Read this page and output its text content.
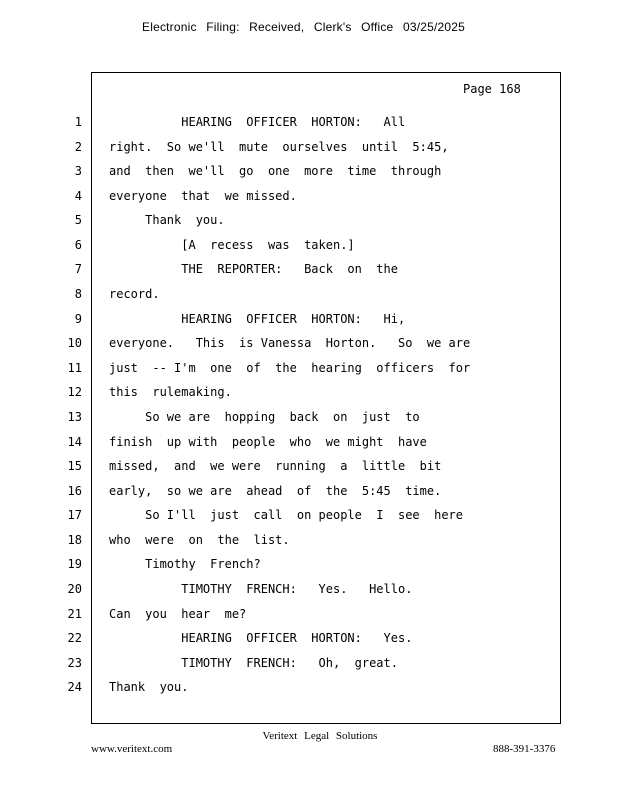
Electronic Filing: Received, Clerk's Office 03/25/2025
Page 168
1 HEARING  OFFICER  HORTON:   All
2 right.  So we'll  mute  ourselves  until  5:45,
3 and  then  we'll  go  one  more  time  through
4 everyone  that  we missed.
5 Thank  you.
6 [A  recess  was  taken.]
7 THE  REPORTER:   Back  on  the
8 record.
9 HEARING  OFFICER  HORTON:   Hi,
10 everyone.   This  is Vanessa  Horton.   So  we are
11 just  -- I'm  one  of  the  hearing  officers  for
12 this  rulemaking.
13 So we are  hopping  back  on  just  to
14 finish  up with  people  who  we might  have
15 missed,  and  we were  running  a  little  bit
16 early,  so we are  ahead  of  the  5:45  time.
17 So I'll  just  call  on people  I  see  here
18 who  were  on  the  list.
19 Timothy  French?
20 TIMOTHY  FRENCH:   Yes.   Hello.
21 Can  you  hear  me?
22 HEARING  OFFICER  HORTON:   Yes.
23 TIMOTHY  FRENCH:   Oh,  great.
24 Thank  you.
Veritext Legal Solutions
www.veritext.com	888-391-3376
